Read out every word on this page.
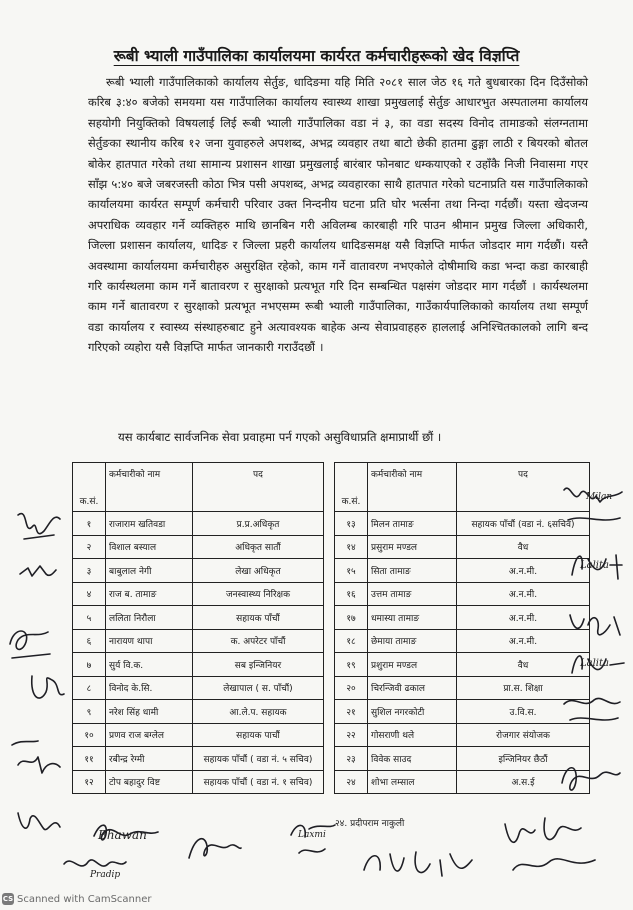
रूबी भ्याली गाउँपालिका कार्यालयमा कार्यरत कर्मचारीहरूको खेद विज्ञप्ति
रूबी भ्याली गाउँपालिकाको कार्यालय सेर्तुङ, धादिङमा यहि मिति २०८१ साल जेठ १६ गते बुधबारका दिन दिउँसोको करिब ३:४० बजेको समयमा यस गाउँपालिका कार्यालय स्वास्थ्य शाखा प्रमुखलाई सेर्तुङ आधारभुत अस्पतालमा कार्यालय सहयोगी नियुक्तिको विषयलाई लिई रूबी भ्याली गाउँपालिका वडा नं ३, का वडा सदस्य विनोद तामाङको संलग्नतामा सेर्तुङका स्थानीय करिब १२ जना युवाहरुले अपशब्द, अभद्र व्यवहार तथा बाटो छेकी हातमा ढुङ्गा लाठी र बियरको बोतल बोकेर हातपात गरेको तथा सामान्य प्रशासन शाखा प्रमुखलाई बारंबार फोनबाट धम्कयाएको र उहाँकै निजी निवासमा गएर साँझ ५:४० बजे जबरजस्ती कोठा भित्र पसी अपशब्द, अभद्र व्यवहारका साथै हातपात गरेको घटनाप्रति यस गाउँपालिकाको कार्यालयमा कार्यरत सम्पूर्ण कर्मचारी परिवार उक्त निन्दनीय घटना प्रति घोर भर्त्सना तथा निन्दा गर्दछौं। यस्ता खेदजन्य अपराधिक व्यवहार गर्ने व्यक्तिहरु माथि छानबिन गरी अविलम्ब कारबाही गरि पाउन श्रीमान प्रमुख जिल्ला अधिकारी, जिल्ला प्रशासन कार्यालय, धादिङ र जिल्ला प्रहरी कार्यालय धादिङसमक्ष यसै विज्ञप्ति मार्फत जोडदार माग गर्दछौं। यस्तै अवस्थामा कार्यालयमा कर्मचारीहरु असुरक्षित रहेको, काम गर्ने वातावरण नभएकोले दोषीमाथि कडा भन्दा कडा कारबाही गरि कार्यस्थलमा काम गर्ने बातावरण र सुरक्षाको प्रत्यभूत गरि दिन सम्बन्धित पक्षसंग जोडदार माग गर्दछौं । कार्यस्थलमा काम गर्ने बातावरण र सुरक्षाको प्रत्यभूत नभएसम्म रूबी भ्याली गाउँपालिका, गाउँकार्यपालिकाको कार्यालय तथा सम्पूर्ण वडा कार्यालय र स्वास्थ्य संस्थाहरुबाट हुने अत्यावश्यक बाहेक अन्य सेवाप्रवाहहरु हाललाई अनिश्चितकालको लागि बन्द गरिएको व्यहोरा यसै विज्ञप्ति मार्फत जानकारी गराउँदछौं ।
यस कार्यबाट सार्वजनिक सेवा प्रवाहमा पर्न गएको असुविधाप्रति क्षमाप्रार्थी छौं ।
क.सं.	कर्मचारीको नाम	पद
१	राजाराम खतिवडा	प्र.प्र.अधिकृत
२	विशाल बस्याल	अधिकृत सातौं
३	बाबुलाल नेगी	लेखा अधिकृत
४	राज ब. तामाङ	जनस्वास्थ्य निरिक्षक
५	ललिता निरौला	सहायक पाँचौं
६	नारायण थापा	क. अपरेटर पाँचौं
७	सुर्य वि.क.	सब इन्जिनियर
८	विनोद के.सि.	लेखापाल ( स. पाँचौं)
९	नरेश सिंह धामी	आ.ले.प. सहायक
१०	प्रणव राज बग्लेल	सहायक पाचौं
११	रबीन्द्र रेग्मी	सहायक पाँचौं ( वडा नं. ५ सचिव)
१२	टोप बहादुर विष्ट	सहायक पाँचौं ( वडा नं. १ सचिव)
क.सं.	कर्मचारीको नाम	पद
१३	मिलन तामाङ	सहायक पाँचौं (वडा नं. ६सचिव)
१४	प्रसुराम मण्डल	वैध
१५	सिता तामाङ	अ.न.मी.
१६	उत्तम तामाङ	अ.न.मी.
१७	धमास्या तामाङ	अ.न.मी.
१८	छेमाया तामाङ	अ.न.मी.
१९	प्रशुराम मण्डल	वैध
२०	चिरन्जिवी ढकाल	प्रा.स. शिक्षा
२१	सुशिल नगरकोटी	उ.वि.स.
२२	गोसराणी थले	रोजगार संयोजक
२३	विवेक साउद	इन्जिनियर छैठौं
२४	शोभा लम्साल	अ.स.ई
Milan
Lalita
Lalita
Bhawan
Pradip
Laxmi
२४. प्रदीपराम नाकुली
CS Scanned with CamScanner
